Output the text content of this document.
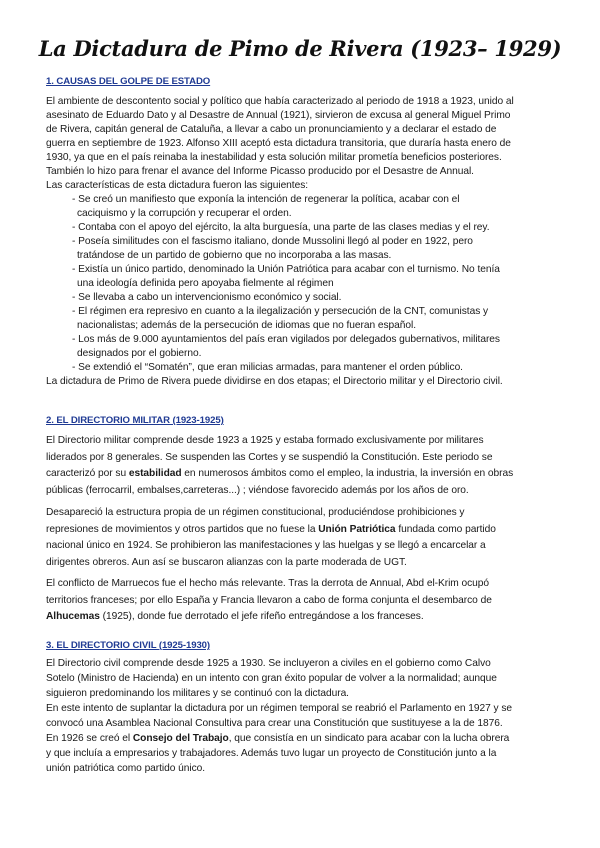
La Dictadura de Pimo de Rivera (1923– 1929)
1. CAUSAS DEL GOLPE DE ESTADO

El ambiente de descontento social y político que había caracterizado al periodo de 1918 a 1923, unido al

asesinato de Eduardo Dato y al Desastre de Annual (1921), sirvieron de excusa al general Miguel Primo

de Rivera, capitán general de Cataluña, a llevar a cabo un pronunciamiento y a declarar el estado de

guerra en septiembre de 1923. Alfonso XIII aceptó esta dictadura transitoria, que duraría hasta enero de

1930, ya que en el país reinaba la inestabilidad y esta solución militar prometía beneficios posteriores.

También lo hizo para frenar el avance del Informe Picasso producido por el Desastre de Annual.

Las características de esta dictadura fueron las siguientes:

- Se creó un manifiesto que exponía la intención de regenerar la política, acabar con el

caciquismo y la corrupción y recuperar el orden.

- Contaba con el apoyo del ejército, la alta burguesía, una parte de las clases medias y el rey.

- Poseía similitudes con el fascismo italiano, donde Mussolini llegó al poder en 1922, pero

tratándose de un partido de gobierno que no incorporaba a las masas.

- Existía un único partido, denominado la Unión Patriótica para acabar con el turnismo. No tenía

una ideología definida pero apoyaba fielmente al régimen

- Se llevaba a cabo un intervencionismo económico y social.

- El régimen era represivo en cuanto a la ilegalización y persecución de la CNT, comunistas y

nacionalistas; además de la persecución de idiomas que no fueran español.

- Los más de 9.000 ayuntamientos del país eran vigilados por delegados gubernativos, militares

designados por el gobierno.

- Se extendió el “Somatén”, que eran milicias armadas, para mantener el orden público.

La dictadura de Primo de Rivera puede dividirse en dos etapas; el Directorio militar y el Directorio civil.

2. EL DIRECTORIO MILITAR (1923-1925)

El Directorio militar comprende desde 1923 a 1925 y estaba formado exclusivamente por militares

liderados por 8 generales. Se suspenden las Cortes y se suspendió la Constitución. Este periodo se

caracterizó por su estabilidad en numerosos ámbitos como el empleo, la industria, la inversión en obras

públicas (ferrocarril, embalses,carreteras...) ; viéndose favorecido además por los años de oro.

Desapareció la estructura propia de un régimen constitucional, produciéndose prohibiciones y

represiones de movimientos y otros partidos que no fuese la Unión Patriótica fundada como partido

nacional único en 1924. Se prohibieron las manifestaciones y las huelgas y se llegó a encarcelar a

dirigentes obreros. Aun así se buscaron alianzas con la parte moderada de UGT.

El conflicto de Marruecos fue el hecho más relevante. Tras la derrota de Annual, Abd el-Krim ocupó

territorios franceses; por ello España y Francia llevaron a cabo de forma conjunta el desembarco de

Alhucemas (1925), donde fue derrotado el jefe rifeño entregándose a los franceses.

3. EL DIRECTORIO CIVIL (1925-1930)

El Directorio civil comprende desde 1925 a 1930. Se incluyeron a civiles en el gobierno como Calvo

Sotelo (Ministro de Hacienda) en un intento con gran éxito popular de volver a la normalidad; aunque

siguieron predominando los militares y se continuó con la dictadura.

En este intento de suplantar la dictadura por un régimen temporal se reabrió el Parlamento en 1927 y se

convocó una Asamblea Nacional Consultiva para crear una Constitución que sustituyese a la de 1876.

En 1926 se creó el Consejo del Trabajo, que consistía en un sindicato para acabar con la lucha obrera

y que incluía a empresarios y trabajadores. Además tuvo lugar un proyecto de Constitución junto a la

unión patriótica como partido único.
